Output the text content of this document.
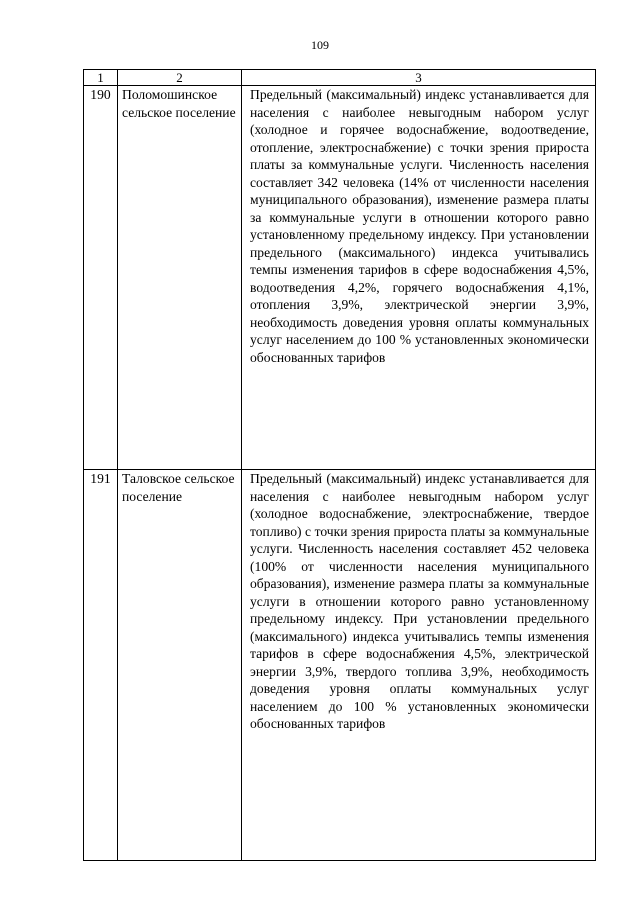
109
1	2	3
190	Поломошинское сельское поселение	Предельный (максимальный) индекс устанавливается для населения с наиболее невыгодным набором услуг (холодное и горячее водоснабжение, водоотведение, отопление, электроснабжение) с точки зрения прироста платы за коммунальные услуги. Численность населения составляет 342 человека (14% от численности населения муниципального образования), изменение размера платы за коммунальные услуги в отношении которого равно установленному предельному индексу. При установлении предельного (максимального) индекса учитывались темпы изменения тарифов в сфере водоснабжения 4,5%, водоотведения 4,2%, горячего водоснабжения 4,1%, отопления 3,9%, электрической энергии 3,9%, необходимость доведения уровня оплаты коммунальных услуг населением до 100 % установленных экономически обоснованных тарифов
191	Таловское сельское поселение	Предельный (максимальный) индекс устанавливается для населения с наиболее невыгодным набором услуг (холодное водоснабжение, электроснабжение, твердое топливо) с точки зрения прироста платы за коммунальные услуги. Численность населения составляет 452 человека (100% от численности населения муниципального образования), изменение размера платы за коммунальные услуги в отношении которого равно установленному предельному индексу. При установлении предельного (максимального) индекса учитывались темпы изменения тарифов в сфере водоснабжения 4,5%, электрической энергии 3,9%, твердого топлива 3,9%, необходимость доведения уровня оплаты коммунальных услуг населением до 100 % установленных экономически обоснованных тарифов
